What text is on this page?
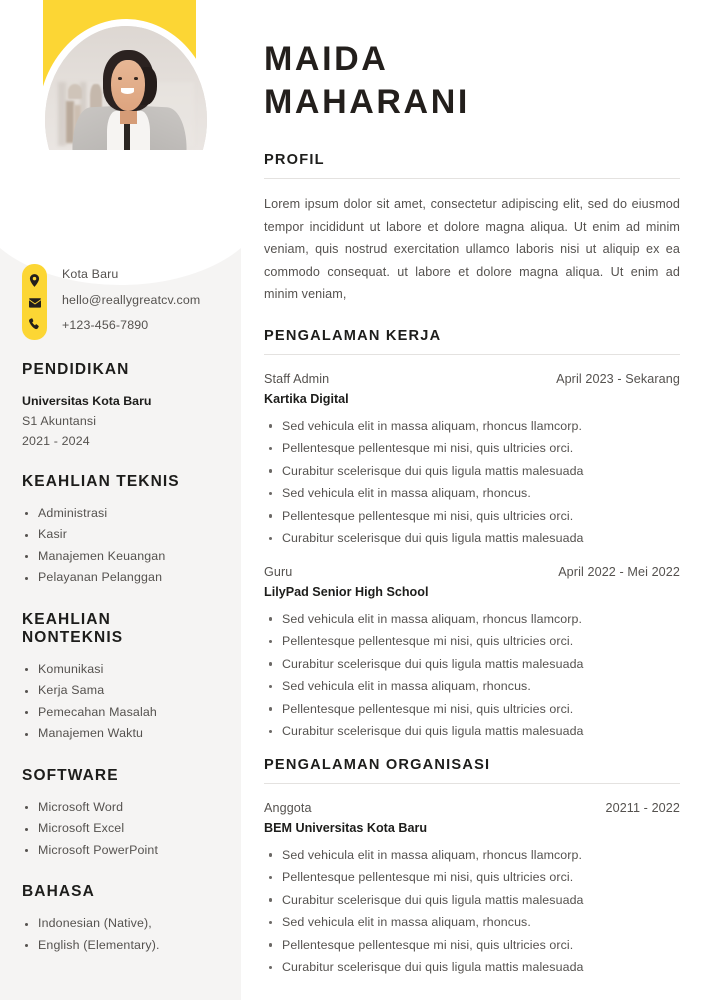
Kota Baru
hello@reallygreatcv.com
+123-456-7890
PENDIDIKAN
Universitas Kota Baru
S1 Akuntansi
2021 - 2024
KEAHLIAN TEKNIS
Administrasi
Kasir
Manajemen Keuangan
Pelayanan Pelanggan
KEAHLIAN NONTEKNIS
Komunikasi
Kerja Sama
Pemecahan Masalah
Manajemen Waktu
SOFTWARE
Microsoft Word
Microsoft Excel
Microsoft PowerPoint
BAHASA
Indonesian (Native),
English (Elementary).
MAIDA
MAHARANI
PROFIL

Lorem ipsum dolor sit amet, consectetur adipiscing elit, sed do eiusmod tempor incididunt ut labore et dolore magna aliqua. Ut enim ad minim veniam, quis nostrud exercitation ullamco laboris nisi ut aliquip ex ea commodo consequat. ut labore et dolore magna aliqua. Ut enim ad minim veniam,

PENGALAMAN KERJA
Staff Admin	April 2023 - Sekarang
Kartika Digital
Sed vehicula elit in massa aliquam, rhoncus llamcorp.
Pellentesque pellentesque mi nisi, quis ultricies orci.
Curabitur scelerisque dui quis ligula mattis malesuada
Sed vehicula elit in massa aliquam, rhoncus.
Pellentesque pellentesque mi nisi, quis ultricies orci.
Curabitur scelerisque dui quis ligula mattis malesuada
Guru	April 2022 - Mei 2022
LilyPad Senior High School
Sed vehicula elit in massa aliquam, rhoncus llamcorp.
Pellentesque pellentesque mi nisi, quis ultricies orci.
Curabitur scelerisque dui quis ligula mattis malesuada
Sed vehicula elit in massa aliquam, rhoncus.
Pellentesque pellentesque mi nisi, quis ultricies orci.
Curabitur scelerisque dui quis ligula mattis malesuada
PENGALAMAN ORGANISASI
Anggota	20211 - 2022
BEM Universitas Kota Baru
Sed vehicula elit in massa aliquam, rhoncus llamcorp.
Pellentesque pellentesque mi nisi, quis ultricies orci.
Curabitur scelerisque dui quis ligula mattis malesuada
Sed vehicula elit in massa aliquam, rhoncus.
Pellentesque pellentesque mi nisi, quis ultricies orci.
Curabitur scelerisque dui quis ligula mattis malesuada
